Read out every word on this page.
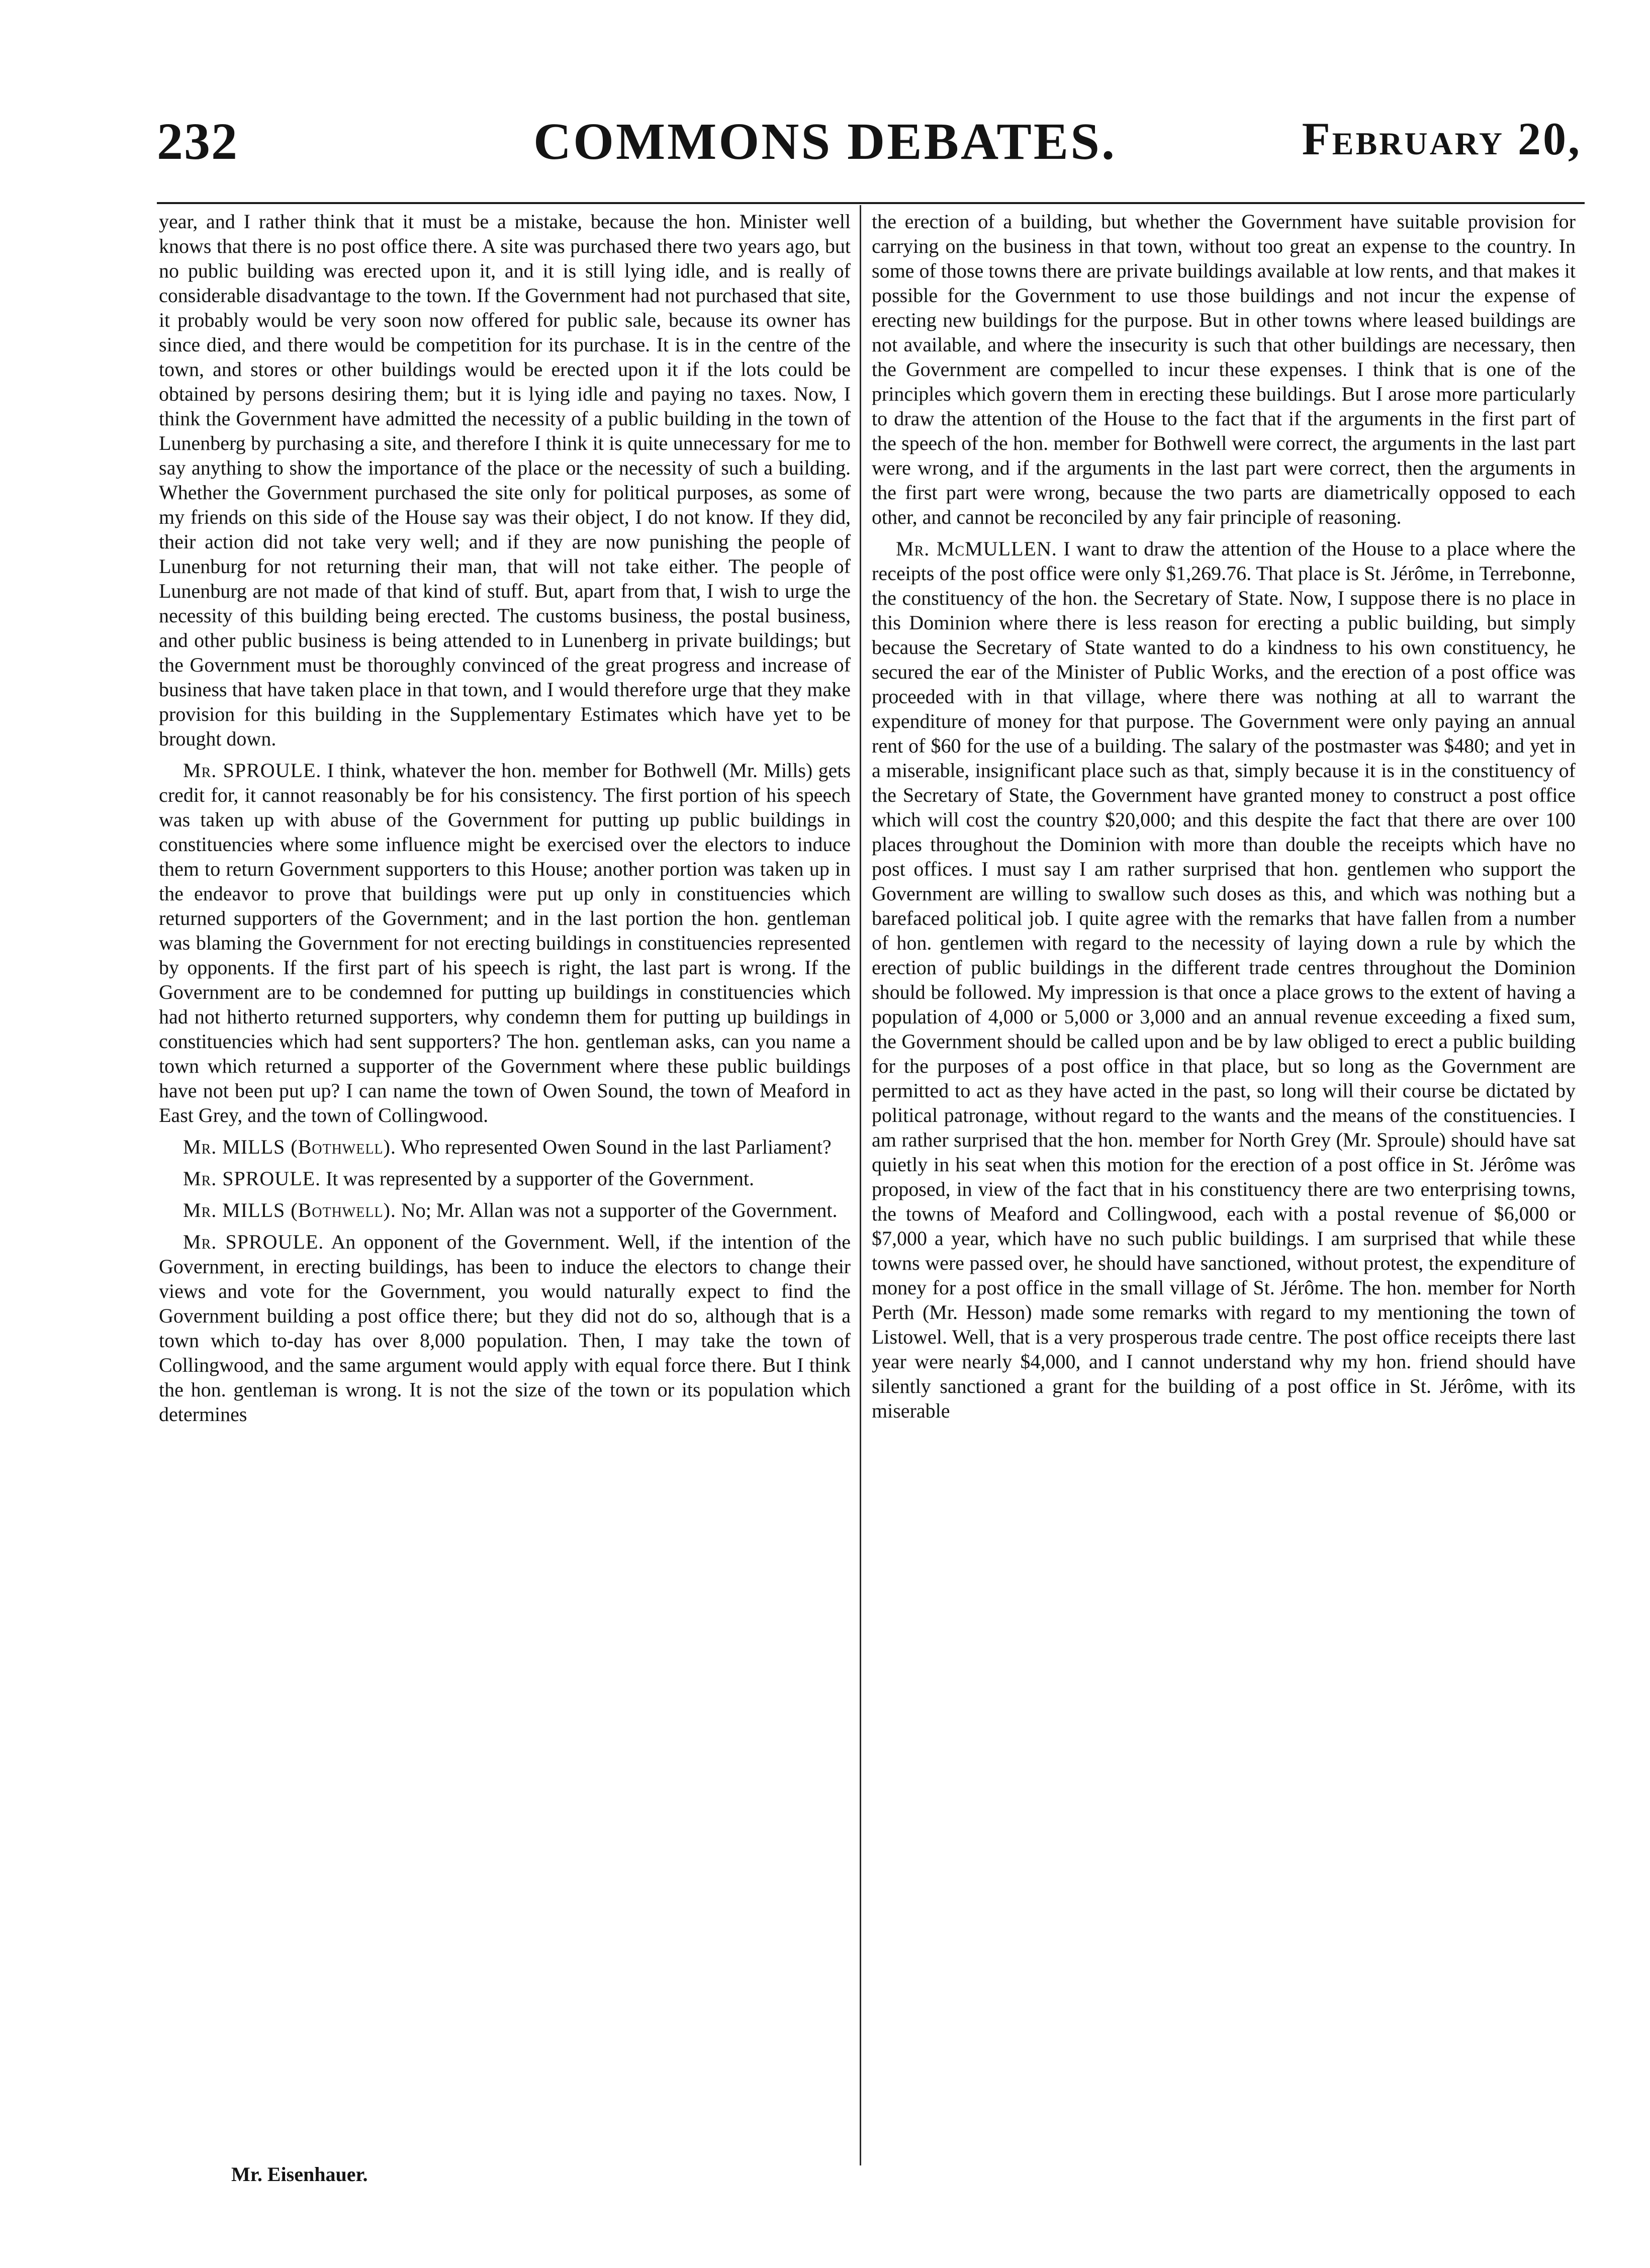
232	COMMONS DEBATES.	February 20,

year, and I rather think that it must be a mistake, because the hon. Minister well knows that there is no post office there. A site was purchased there two years ago, but no public building was erected upon it, and it is still lying idle, and is really of considerable disadvantage to the town. If the Government had not purchased that site, it probably would be very soon now offered for public sale, because its owner has since died, and there would be competition for its purchase. It is in the centre of the town, and stores or other buildings would be erected upon it if the lots could be obtained by persons desiring them; but it is lying idle and paying no taxes. Now, I think the Government have admitted the necessity of a public building in the town of Lunenberg by purchasing a site, and therefore I think it is quite unnecessary for me to say anything to show the importance of the place or the necessity of such a building. Whether the Government purchased the site only for political purposes, as some of my friends on this side of the House say was their object, I do not know. If they did, their action did not take very well; and if they are now punishing the people of Lunenburg for not returning their man, that will not take either. The people of Lunenburg are not made of that kind of stuff. But, apart from that, I wish to urge the necessity of this building being erected. The customs business, the postal business, and other public business is being attended to in Lunenberg in private buildings; but the Government must be thoroughly convinced of the great progress and increase of business that have taken place in that town, and I would therefore urge that they make provision for this building in the Supplementary Estimates which have yet to be brought down.

Mr. SPROULE. I think, whatever the hon. member for Bothwell (Mr. Mills) gets credit for, it cannot reasonably be for his consistency. The first portion of his speech was taken up with abuse of the Government for putting up public buildings in constituencies where some influence might be exercised over the electors to induce them to return Government supporters to this House; another portion was taken up in the endeavor to prove that buildings were put up only in constituencies which returned supporters of the Government; and in the last portion the hon. gentleman was blaming the Government for not erecting buildings in constituencies represented by opponents. If the first part of his speech is right, the last part is wrong. If the Government are to be condemned for putting up buildings in constituencies which had not hitherto returned supporters, why condemn them for putting up buildings in constituencies which had sent supporters? The hon. gentleman asks, can you name a town which returned a supporter of the Government where these public buildings have not been put up? I can name the town of Owen Sound, the town of Meaford in East Grey, and the town of Collingwood.

Mr. MILLS (Bothwell). Who represented Owen Sound in the last Parliament?

Mr. SPROULE. It was represented by a supporter of the Government.

Mr. MILLS (Bothwell). No; Mr. Allan was not a supporter of the Government.

Mr. SPROULE. An opponent of the Government. Well, if the intention of the Government, in erecting buildings, has been to induce the electors to change their views and vote for the Government, you would naturally expect to find the Government building a post office there; but they did not do so, although that is a town which to-day has over 8,000 population. Then, I may take the town of Collingwood, and the same argument would apply with equal force there. But I think the hon. gentleman is wrong. It is not the size of the town or its population which determines

the erection of a building, but whether the Government have suitable provision for carrying on the business in that town, without too great an expense to the country. In some of those towns there are private buildings available at low rents, and that makes it possible for the Government to use those buildings and not incur the expense of erecting new buildings for the purpose. But in other towns where leased buildings are not available, and where the insecurity is such that other buildings are necessary, then the Government are compelled to incur these expenses. I think that is one of the principles which govern them in erecting these buildings. But I arose more particularly to draw the attention of the House to the fact that if the arguments in the first part of the speech of the hon. member for Bothwell were correct, the arguments in the last part were wrong, and if the arguments in the last part were correct, then the arguments in the first part were wrong, because the two parts are diametrically opposed to each other, and cannot be reconciled by any fair principle of reasoning.

Mr. McMULLEN. I want to draw the attention of the House to a place where the receipts of the post office were only $1,269.76. That place is St. Jérôme, in Terrebonne, the constituency of the hon. the Secretary of State. Now, I suppose there is no place in this Dominion where there is less reason for erecting a public building, but simply because the Secretary of State wanted to do a kindness to his own constituency, he secured the ear of the Minister of Public Works, and the erection of a post office was proceeded with in that village, where there was nothing at all to warrant the expenditure of money for that purpose. The Government were only paying an annual rent of $60 for the use of a building. The salary of the postmaster was $480; and yet in a miserable, insignificant place such as that, simply because it is in the constituency of the Secretary of State, the Government have granted money to construct a post office which will cost the country $20,000; and this despite the fact that there are over 100 places throughout the Dominion with more than double the receipts which have no post offices. I must say I am rather surprised that hon. gentlemen who support the Government are willing to swallow such doses as this, and which was nothing but a barefaced political job. I quite agree with the remarks that have fallen from a number of hon. gentlemen with regard to the necessity of laying down a rule by which the erection of public buildings in the different trade centres throughout the Dominion should be followed. My impression is that once a place grows to the extent of having a population of 4,000 or 5,000 or 3,000 and an annual revenue exceeding a fixed sum, the Government should be called upon and be by law obliged to erect a public building for the purposes of a post office in that place, but so long as the Government are permitted to act as they have acted in the past, so long will their course be dictated by political patronage, without regard to the wants and the means of the constituencies. I am rather surprised that the hon. member for North Grey (Mr. Sproule) should have sat quietly in his seat when this motion for the erection of a post office in St. Jérôme was proposed, in view of the fact that in his constituency there are two enterprising towns, the towns of Meaford and Collingwood, each with a postal revenue of $6,000 or $7,000 a year, which have no such public buildings. I am surprised that while these towns were passed over, he should have sanctioned, without protest, the expenditure of money for a post office in the small village of St. Jérôme. The hon. member for North Perth (Mr. Hesson) made some remarks with regard to my mentioning the town of Listowel. Well, that is a very prosperous trade centre. The post office receipts there last year were nearly $4,000, and I cannot understand why my hon. friend should have silently sanctioned a grant for the building of a post office in St. Jérôme, with its miserable

Mr. Eisenhauer.
